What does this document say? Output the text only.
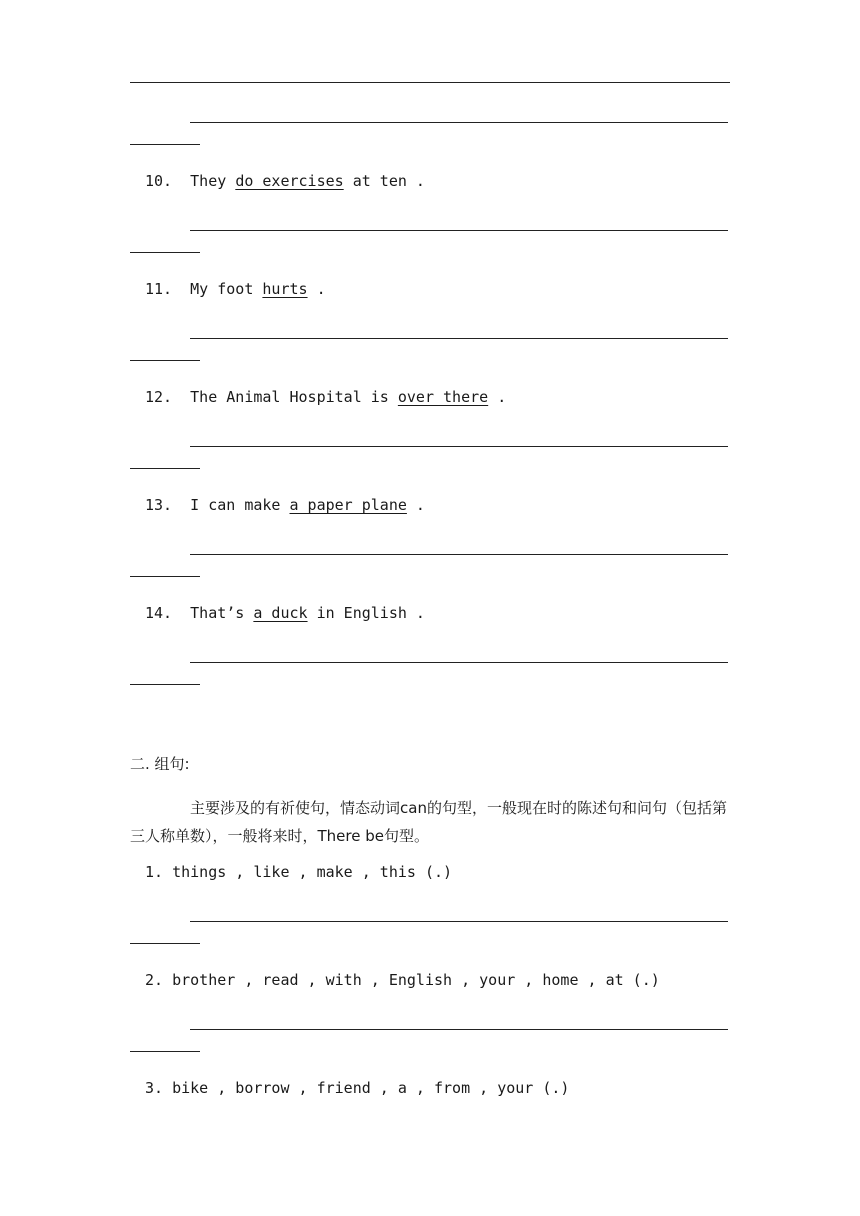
10. They do exercises at ten .
11. My foot hurts .
12. The Animal Hospital is over there .
13. I can make a paper plane .
14. That’s a duck in English .
二. 组句:
主要涉及的有祈使句，情态动词can的句型，一般现在时的陈述句和问句（包括第三人称单数），一般将来时，There be句型。
1. things , like , make , this (.)
2. brother , read , with , English , your , home , at (.)
3. bike , borrow , friend , a , from , your (.)
